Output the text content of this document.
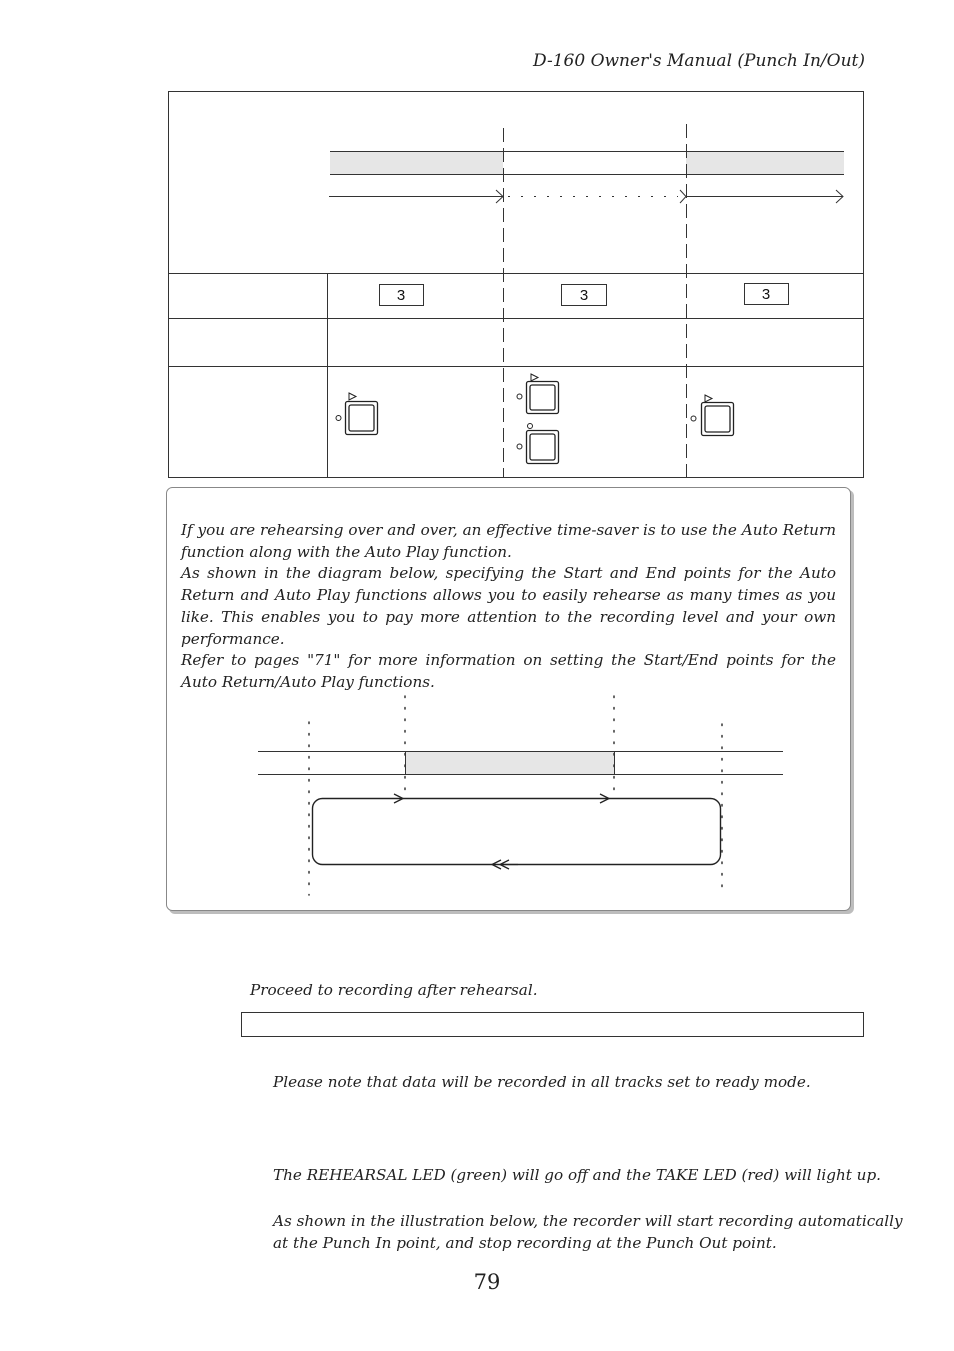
D-160 Owner's Manual (Punch In/Out)
3	3	3

If you are rehearsing over and over, an effective time-saver is to use the Auto Return function along with the Auto Play function.

As shown in the diagram below, specifying the Start and End points for the Auto Return and Auto Play functions allows you to easily rehearse as many times as you like. This enables you to pay more attention to the recording level and your own performance.

Refer to pages "71" for more information on setting the Start/End points for the Auto Return/Auto Play functions.

Proceed to recording after rehearsal.
Please note that data will be recorded in all tracks set to ready mode.
The REHEARSAL LED (green) will go off and the TAKE LED (red) will light up.
As shown in the illustration below, the recorder will start recording automatically
at the Punch In point, and stop recording at the Punch Out point.
79
